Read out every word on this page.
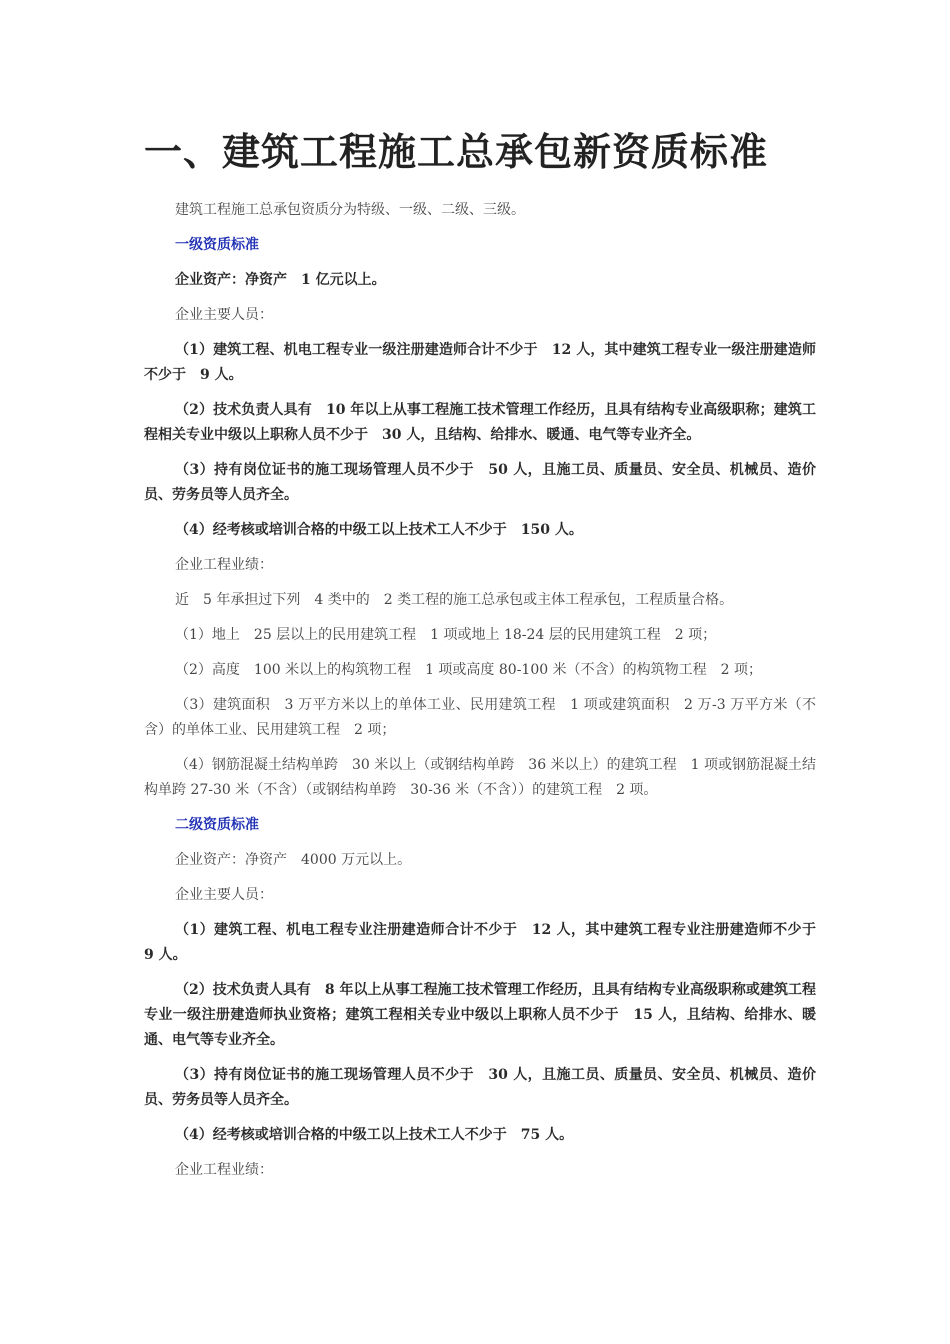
一、建筑工程施工总承包新资质标准
建筑工程施工总承包资质分为特级、一级、二级、三级。
一级资质标准
企业资产：净资产　1 亿元以上。
企业主要人员：
（1）建筑工程、机电工程专业一级注册建造师合计不少于　12 人，其中建筑工程专业一级注册建造师不少于　9 人。
（2）技术负责人具有　10 年以上从事工程施工技术管理工作经历，且具有结构专业高级职称；建筑工程相关专业中级以上职称人员不少于　30 人，且结构、给排水、暖通、电气等专业齐全。
（3）持有岗位证书的施工现场管理人员不少于　50 人，且施工员、质量员、安全员、机械员、造价员、劳务员等人员齐全。
（4）经考核或培训合格的中级工以上技术工人不少于　150 人。
企业工程业绩：
近　5 年承担过下列　4 类中的　2 类工程的施工总承包或主体工程承包，工程质量合格。
（1）地上　25 层以上的民用建筑工程　1 项或地上 18-24 层的民用建筑工程　2 项；
（2）高度　100 米以上的构筑物工程　1 项或高度 80-100 米（不含）的构筑物工程　2 项；
（3）建筑面积　3 万平方米以上的单体工业、民用建筑工程　1 项或建筑面积　2 万-3 万平方米（不含）的单体工业、民用建筑工程　2 项；
（4）钢筋混凝土结构单跨　30 米以上（或钢结构单跨　36 米以上）的建筑工程　1 项或钢筋混凝土结构单跨 27-30 米（不含）（或钢结构单跨　30-36 米（不含））的建筑工程　2 项。
二级资质标准
企业资产：净资产　4000 万元以上。
企业主要人员：
（1）建筑工程、机电工程专业注册建造师合计不少于　12 人，其中建筑工程专业注册建造师不少于　9 人。
（2）技术负责人具有　8 年以上从事工程施工技术管理工作经历，且具有结构专业高级职称或建筑工程专业一级注册建造师执业资格；建筑工程相关专业中级以上职称人员不少于　15 人，且结构、给排水、暖通、电气等专业齐全。
（3）持有岗位证书的施工现场管理人员不少于　30 人，且施工员、质量员、安全员、机械员、造价员、劳务员等人员齐全。
（4）经考核或培训合格的中级工以上技术工人不少于　75 人。
企业工程业绩：
